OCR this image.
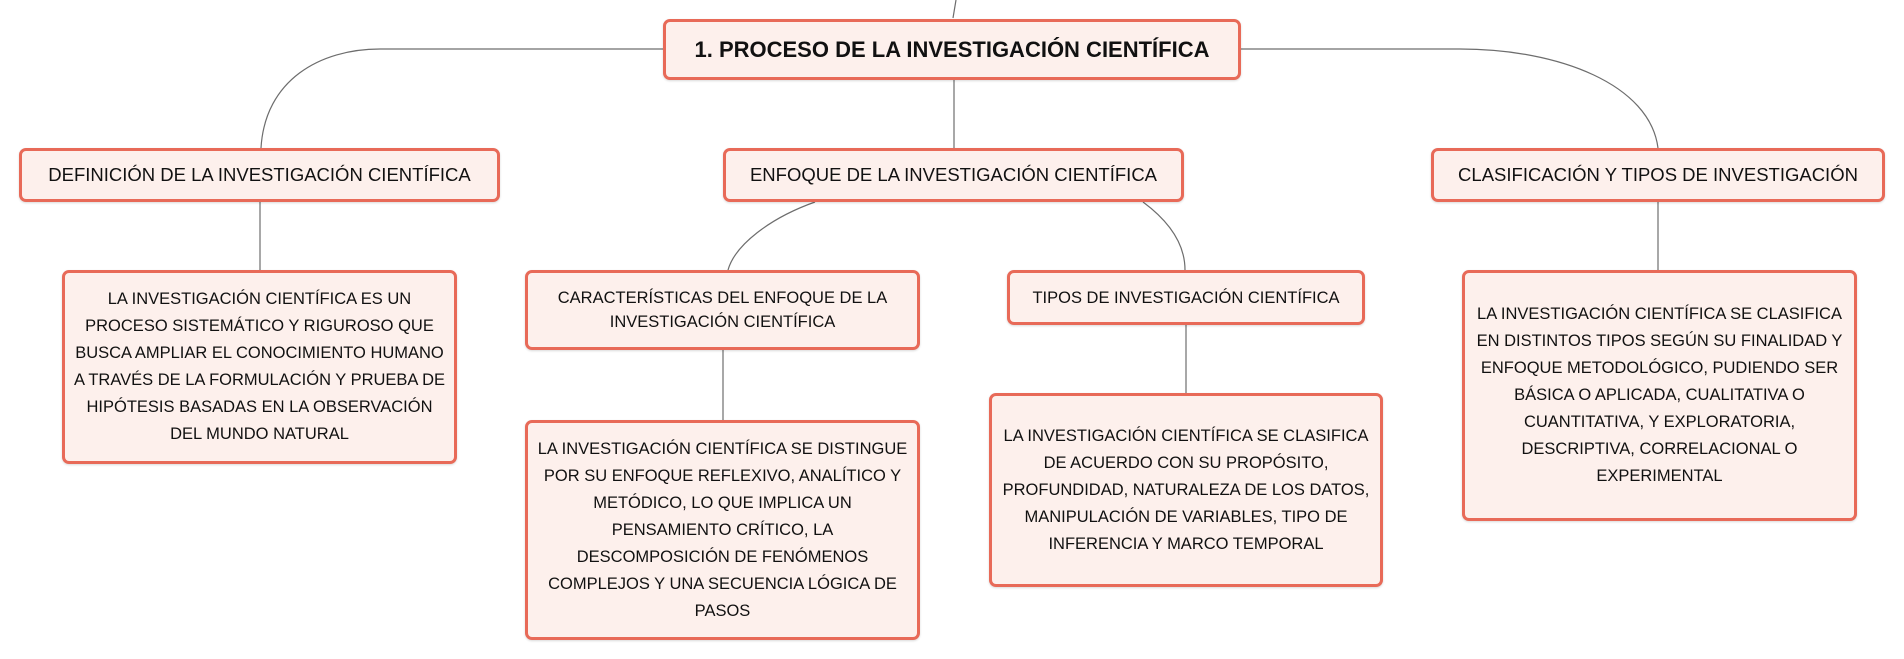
1. PROCESO DE LA INVESTIGACIÓN CIENTÍFICA
DEFINICIÓN DE LA INVESTIGACIÓN CIENTÍFICA	ENFOQUE DE LA INVESTIGACIÓN CIENTÍFICA	CLASIFICACIÓN Y TIPOS DE INVESTIGACIÓN
LA INVESTIGACIÓN CIENTÍFICA ES UN PROCESO SISTEMÁTICO Y RIGUROSO QUE BUSCA AMPLIAR EL CONOCIMIENTO HUMANO A TRAVÉS DE LA FORMULACIÓN Y PRUEBA DE HIPÓTESIS BASADAS EN LA OBSERVACIÓN DEL MUNDO NATURAL
CARACTERÍSTICAS DEL ENFOQUE DE LA INVESTIGACIÓN CIENTÍFICA
TIPOS DE INVESTIGACIÓN CIENTÍFICA
LA INVESTIGACIÓN CIENTÍFICA SE DISTINGUE POR SU ENFOQUE REFLEXIVO, ANALÍTICO Y METÓDICO, LO QUE IMPLICA UN PENSAMIENTO CRÍTICO, LA DESCOMPOSICIÓN DE FENÓMENOS COMPLEJOS Y UNA SECUENCIA LÓGICA DE PASOS
LA INVESTIGACIÓN CIENTÍFICA SE CLASIFICA DE ACUERDO CON SU PROPÓSITO, PROFUNDIDAD, NATURALEZA DE LOS DATOS, MANIPULACIÓN DE VARIABLES, TIPO DE INFERENCIA Y MARCO TEMPORAL
LA INVESTIGACIÓN CIENTÍFICA SE CLASIFICA EN DISTINTOS TIPOS SEGÚN SU FINALIDAD Y ENFOQUE METODOLÓGICO, PUDIENDO SER BÁSICA O APLICADA, CUALITATIVA O CUANTITATIVA, Y EXPLORATORIA, DESCRIPTIVA, CORRELACIONAL O EXPERIMENTAL
